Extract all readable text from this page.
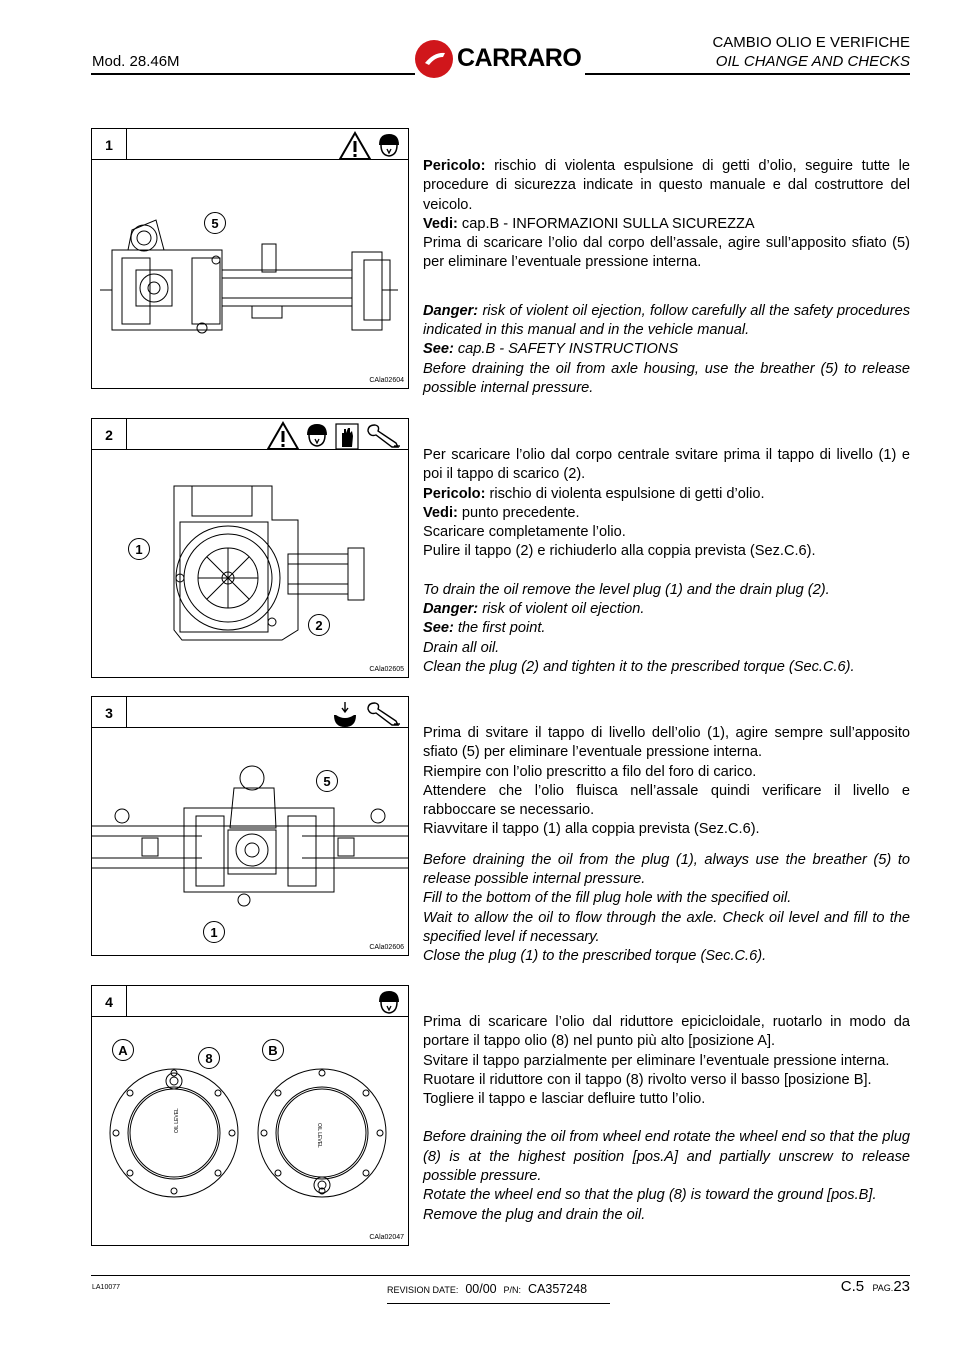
Mod. 28.46M	CARRARO
CAMBIO OLIO E VERIFICHE
OIL CHANGE AND CHECKS
1
5
CAla02604

Pericolo: rischio di violenta espulsione di getti d’olio, seguire tutte le procedure di sicurezza indicate in questo manuale e dal costruttore del veicolo.

Vedi: cap.B - INFORMAZIONI SULLA SICUREZZA

Prima di scaricare l’olio dal corpo dell’assale, agire sull’apposito sfiato (5) per eliminare l’eventuale pressione interna.

Danger: risk of violent oil ejection, follow carefully all the safety procedures indicated in this manual and in the vehicle manual.

See: cap.B - SAFETY INSTRUCTIONS

Before draining the oil from axle housing, use the breather (5) to release possible internal pressure.

2
1
2
CAla02605

Per scaricare l’olio dal corpo centrale svitare prima il tappo di livello (1) e poi il tappo di scarico (2).

Pericolo: rischio di violenta espulsione di getti d’olio.

Vedi: punto precedente.

Scaricare completamente l’olio.

Pulire il tappo (2) e richiuderlo alla coppia prevista (Sez.C.6).

To drain the oil remove the level plug (1) and the drain plug (2).

Danger: risk of violent oil ejection.

See: the first point.

Drain all oil.

Clean the plug (2) and tighten it to the prescribed torque (Sec.C.6).

3
5
1
CAla02606

Prima di svitare il tappo di livello dell’olio (1), agire sempre sull’apposito sfiato (5) per eliminare l’eventuale pressione interna.

Riempire con l’olio prescritto a filo del foro di carico.

Attendere che l’olio fluisca nell’assale quindi verificare il livello e rabboccare se necessario.

Riavvitare il tappo (1) alla coppia prevista (Sez.C.6).

Before draining the oil from the plug (1), always use the breather (5) to release possible internal pressure.

Fill to the bottom of the fill plug hole with the specified oil.

Wait to allow the oil to flow through the axle. Check oil level and fill to the specified level if necessary.

Close the plug (1) to the prescribed torque (Sec.C.6).

4
OIL LEVEL
OIL LEVEL
A
8
B
CAla02047

Prima di scaricare l’olio dal riduttore epicicloidale, ruotarlo in modo da portare il tappo olio (8) nel punto più alto [posizione A].

Svitare il tappo parzialmente per eliminare l’eventuale pressione interna.

Ruotare il riduttore con il tappo (8) rivolto verso il basso [posizione B].

Togliere il tappo e lasciar defluire tutto l’olio.

Before draining the oil from wheel end rotate the wheel end so that the plug (8) is at the highest position [pos.A] and partially unscrew to release possible pressure.

Rotate the wheel end so that the plug (8) is toward the ground [pos.B].

Remove the plug and drain the oil.

LA10077	REVISION DATE: 00/00 P/N: CA357248	C.5 PAG.23
